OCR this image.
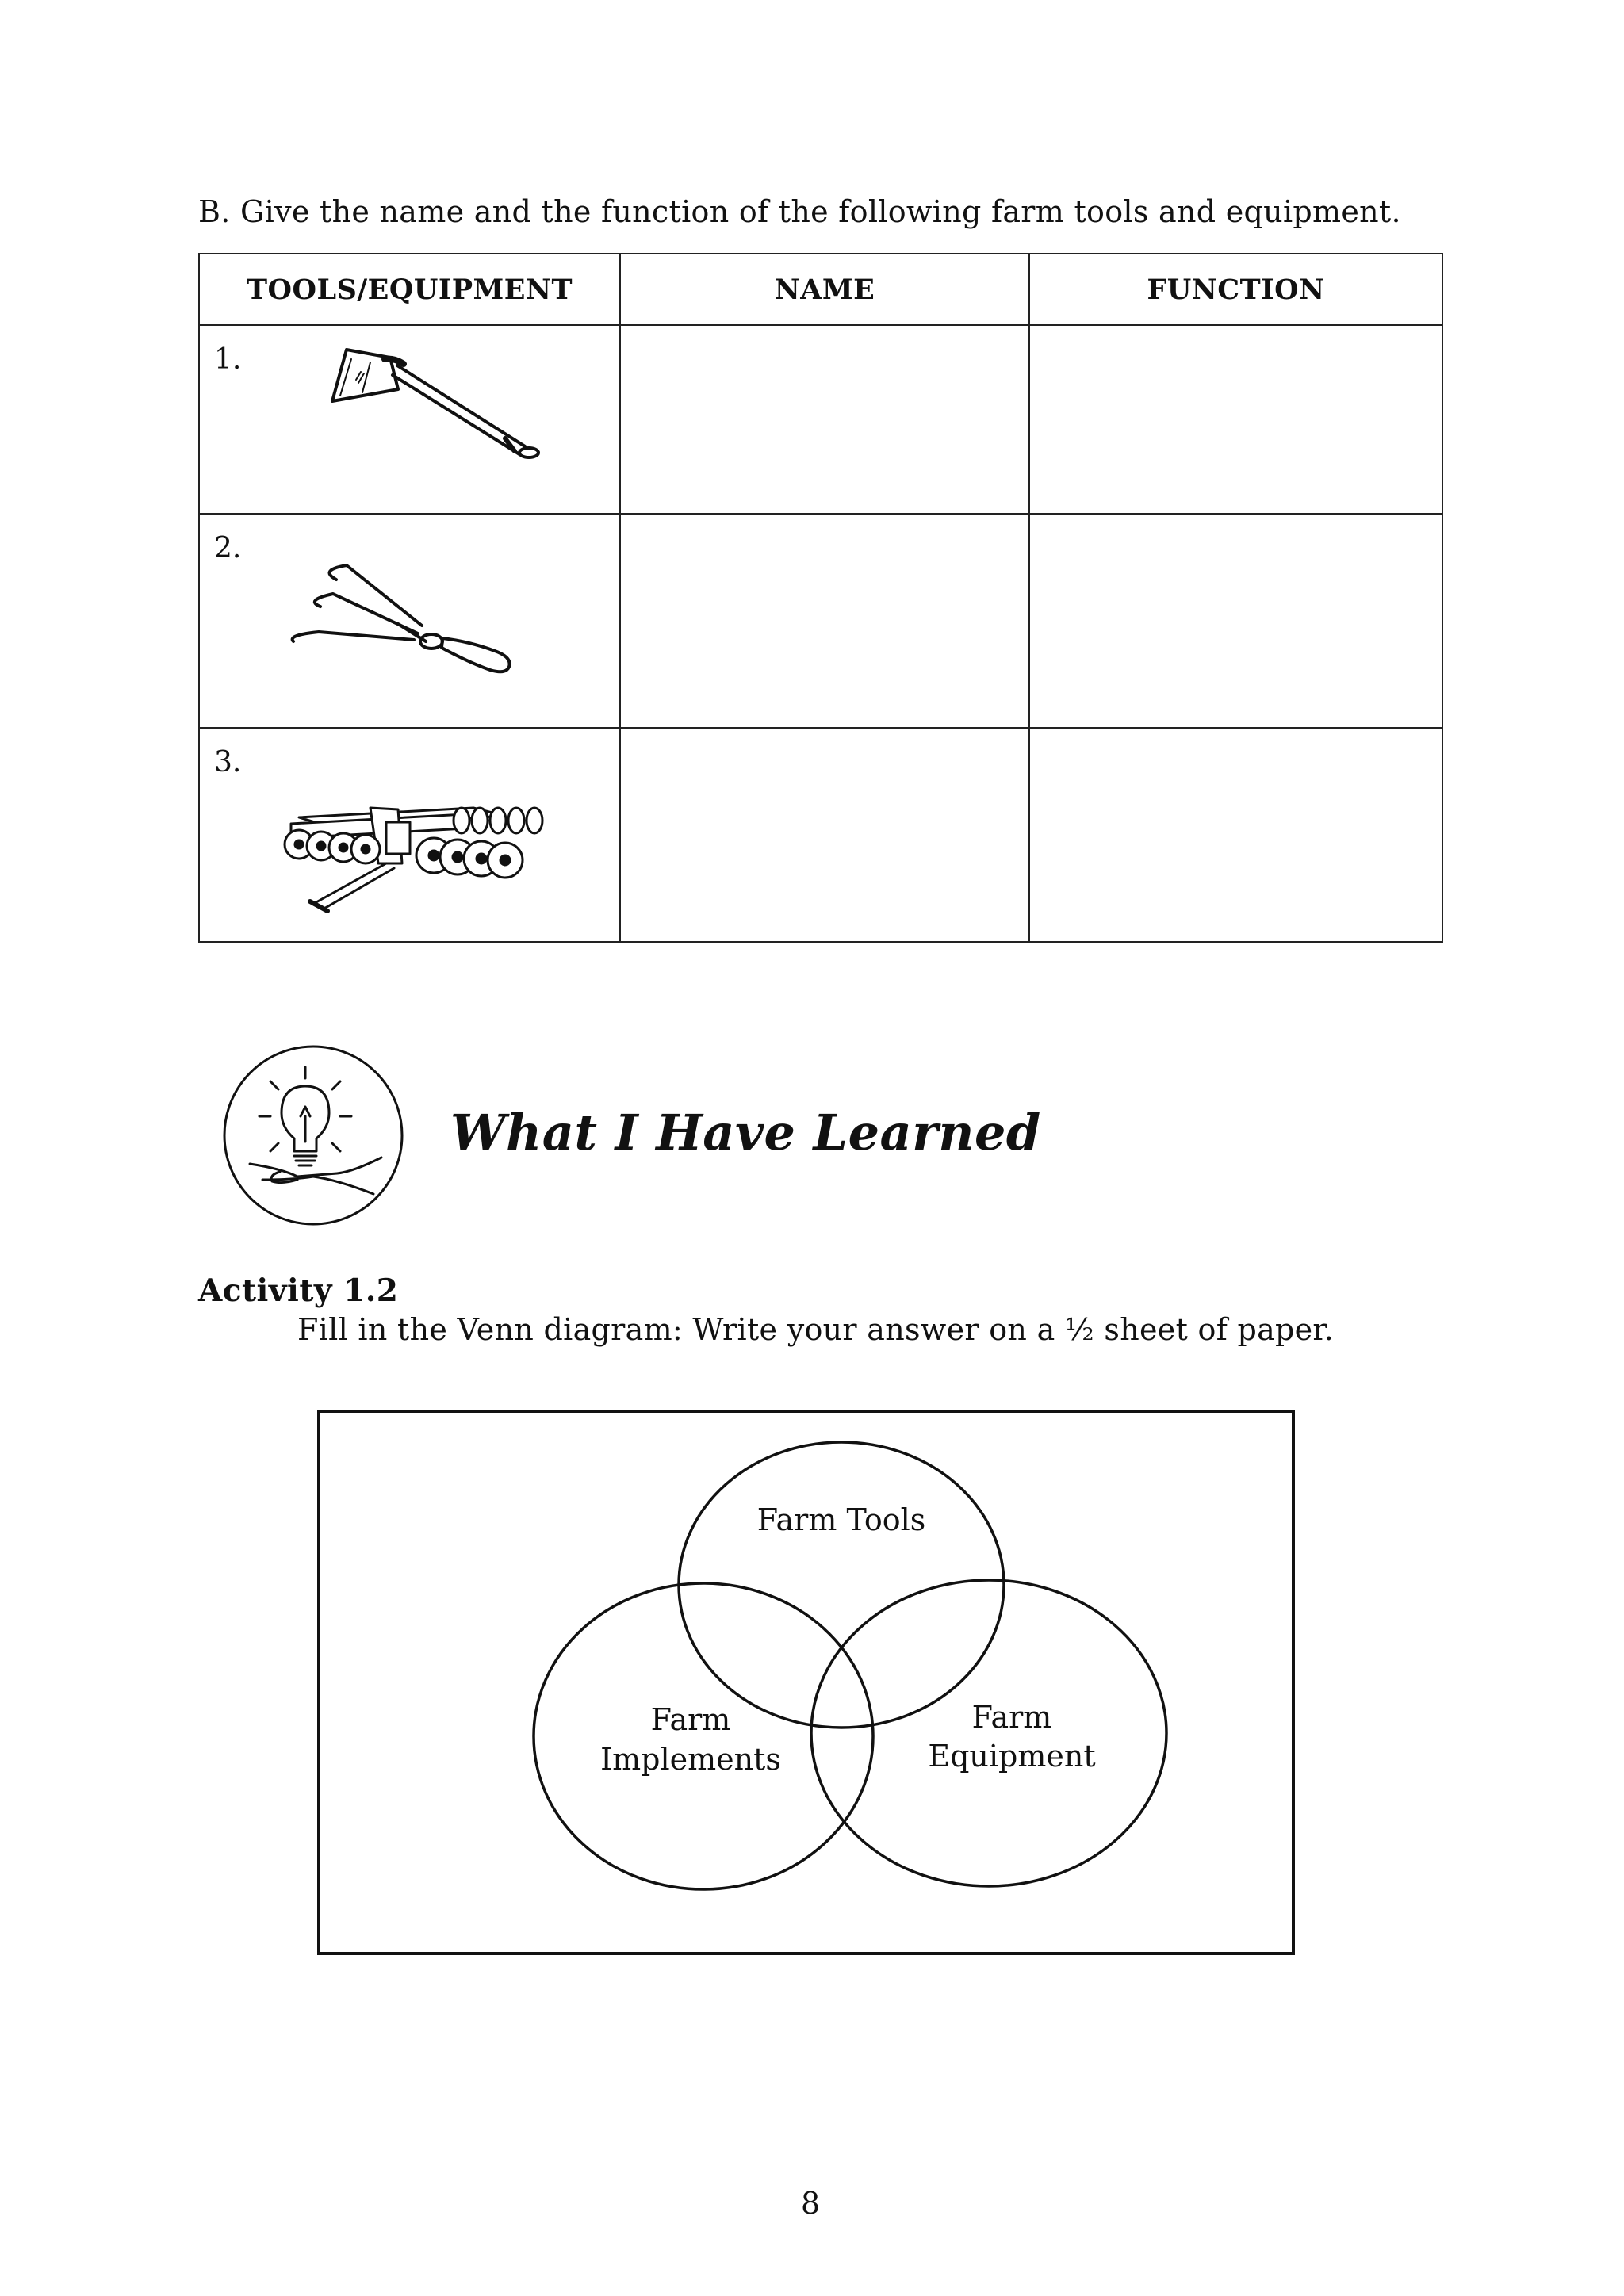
B. Give the name and the function of the following farm tools and equipment.
TOOLS/EQUIPMENT	NAME	FUNCTION

1.		

2.		

3.		

What I Have Learned
Activity 1.2
Fill in the Venn diagram: Write your answer on a ½ sheet of paper.
Farm Tools
Farm
Implements
Farm
Equipment
8
